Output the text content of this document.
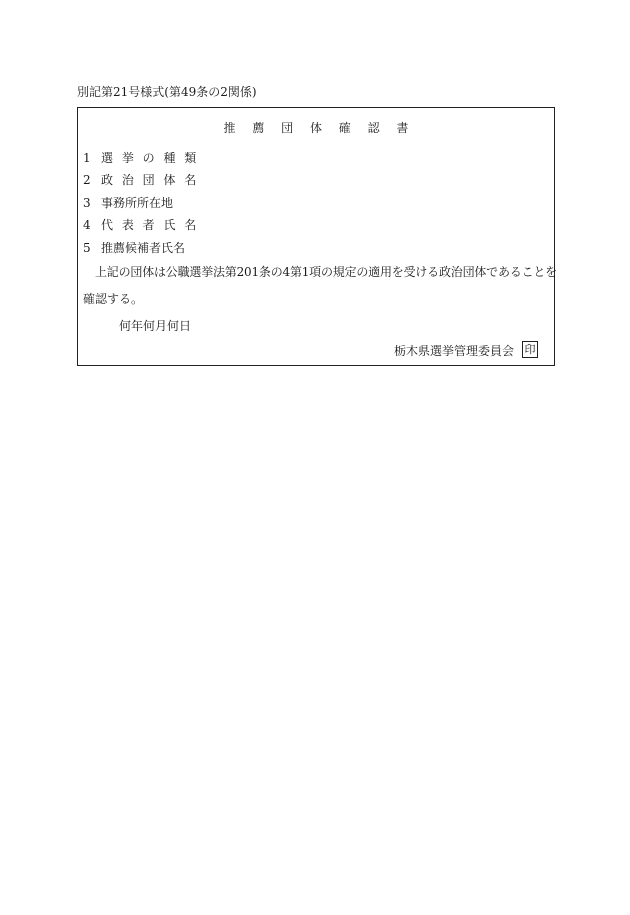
別記第21号様式(第49条の2関係)
推 薦 団 体 確 認 書
1 選 挙 の 種 類
2 政 治 団 体 名
3 事務所所在地
4 代 表 者 氏 名
5 推薦候補者氏名
上記の団体は公職選挙法第201条の4第1項の規定の適用を受ける政治団体であることを
確認する。
何年何月何日
栃木県選挙管理委員会 印
